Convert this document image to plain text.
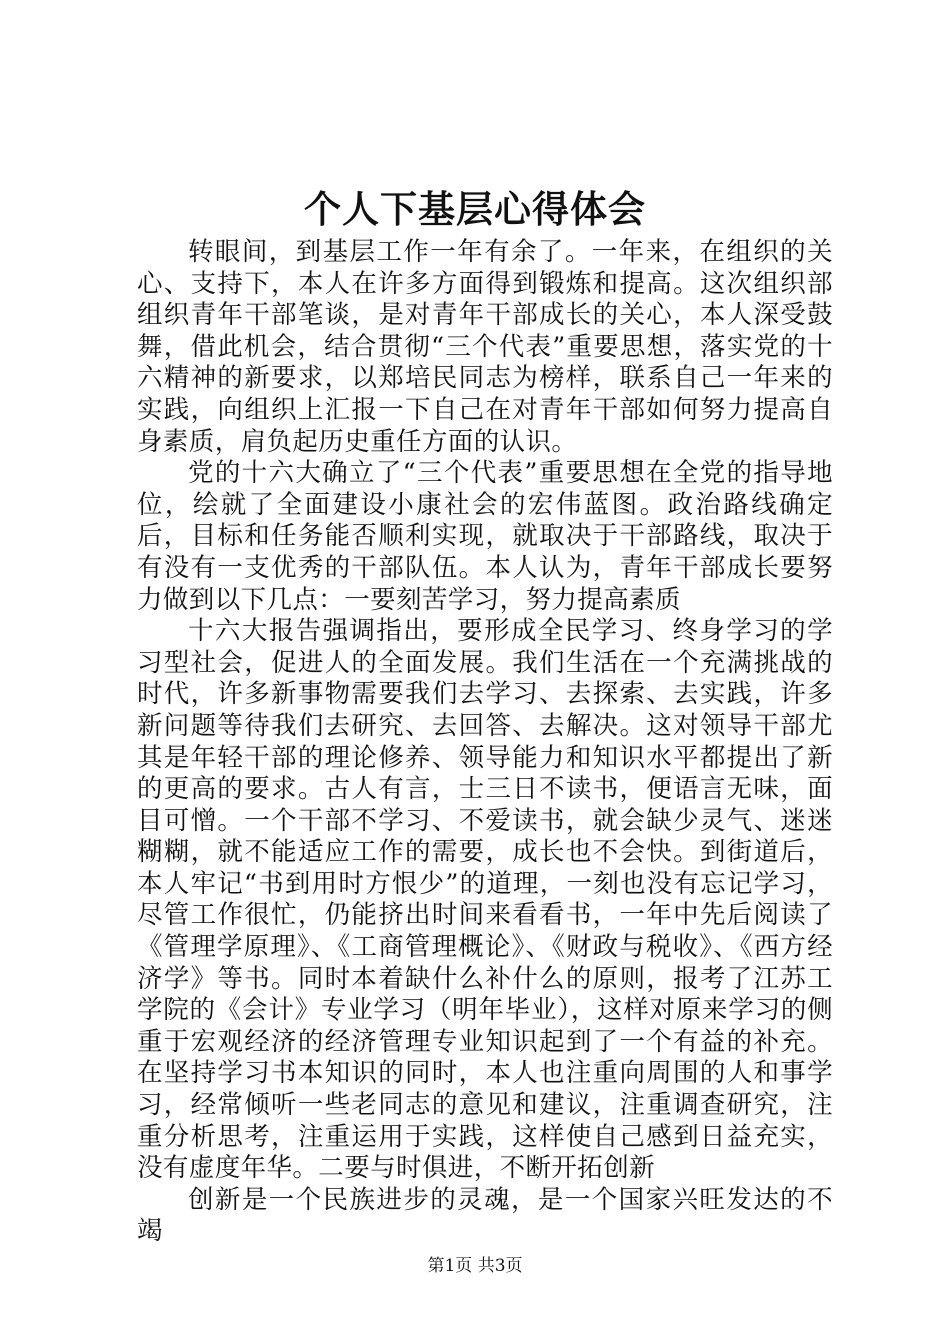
个人下基层心得体会

转眼间，到基层工作一年有余了。一年来，在组织的关心、支持下，本人在许多方面得到锻炼和提高。这次组织部组织青年干部笔谈，是对青年干部成长的关心，本人深受鼓舞，借此机会，结合贯彻“三个代表”重要思想，落实党的十六精神的新要求，以郑培民同志为榜样，联系自己一年来的实践，向组织上汇报一下自己在对青年干部如何努力提高自身素质，肩负起历史重任方面的认识。

党的十六大确立了“三个代表”重要思想在全党的指导地位，绘就了全面建设小康社会的宏伟蓝图。政治路线确定后，目标和任务能否顺利实现，就取决于干部路线，取决于有没有一支优秀的干部队伍。本人认为，青年干部成长要努力做到以下几点：一要刻苦学习，努力提高素质

十六大报告强调指出，要形成全民学习、终身学习的学习型社会，促进人的全面发展。我们生活在一个充满挑战的时代，许多新事物需要我们去学习、去探索、去实践，许多新问题等待我们去研究、去回答、去解决。这对领导干部尤其是年轻干部的理论修养、领导能力和知识水平都提出了新的更高的要求。古人有言，士三日不读书，便语言无味，面目可憎。一个干部不学习、不爱读书，就会缺少灵气、迷迷糊糊，就不能适应工作的需要，成长也不会快。到街道后，本人牢记“书到用时方恨少”的道理，一刻也没有忘记学习，尽管工作很忙，仍能挤出时间来看看书，一年中先后阅读了《管理学原理》、《工商管理概论》、《财政与税收》、《西方经济学》等书。同时本着缺什么补什么的原则，报考了江苏工学院的《会计》专业学习（明年毕业），这样对原来学习的侧重于宏观经济的经济管理专业知识起到了一个有益的补充。在坚持学习书本知识的同时，本人也注重向周围的人和事学习，经常倾听一些老同志的意见和建议，注重调查研究，注重分析思考，注重运用于实践，这样使自己感到日益充实，没有虚度年华。二要与时俱进，不断开拓创新

创新是一个民族进步的灵魂，是一个国家兴旺发达的不竭

第1页 共3页
